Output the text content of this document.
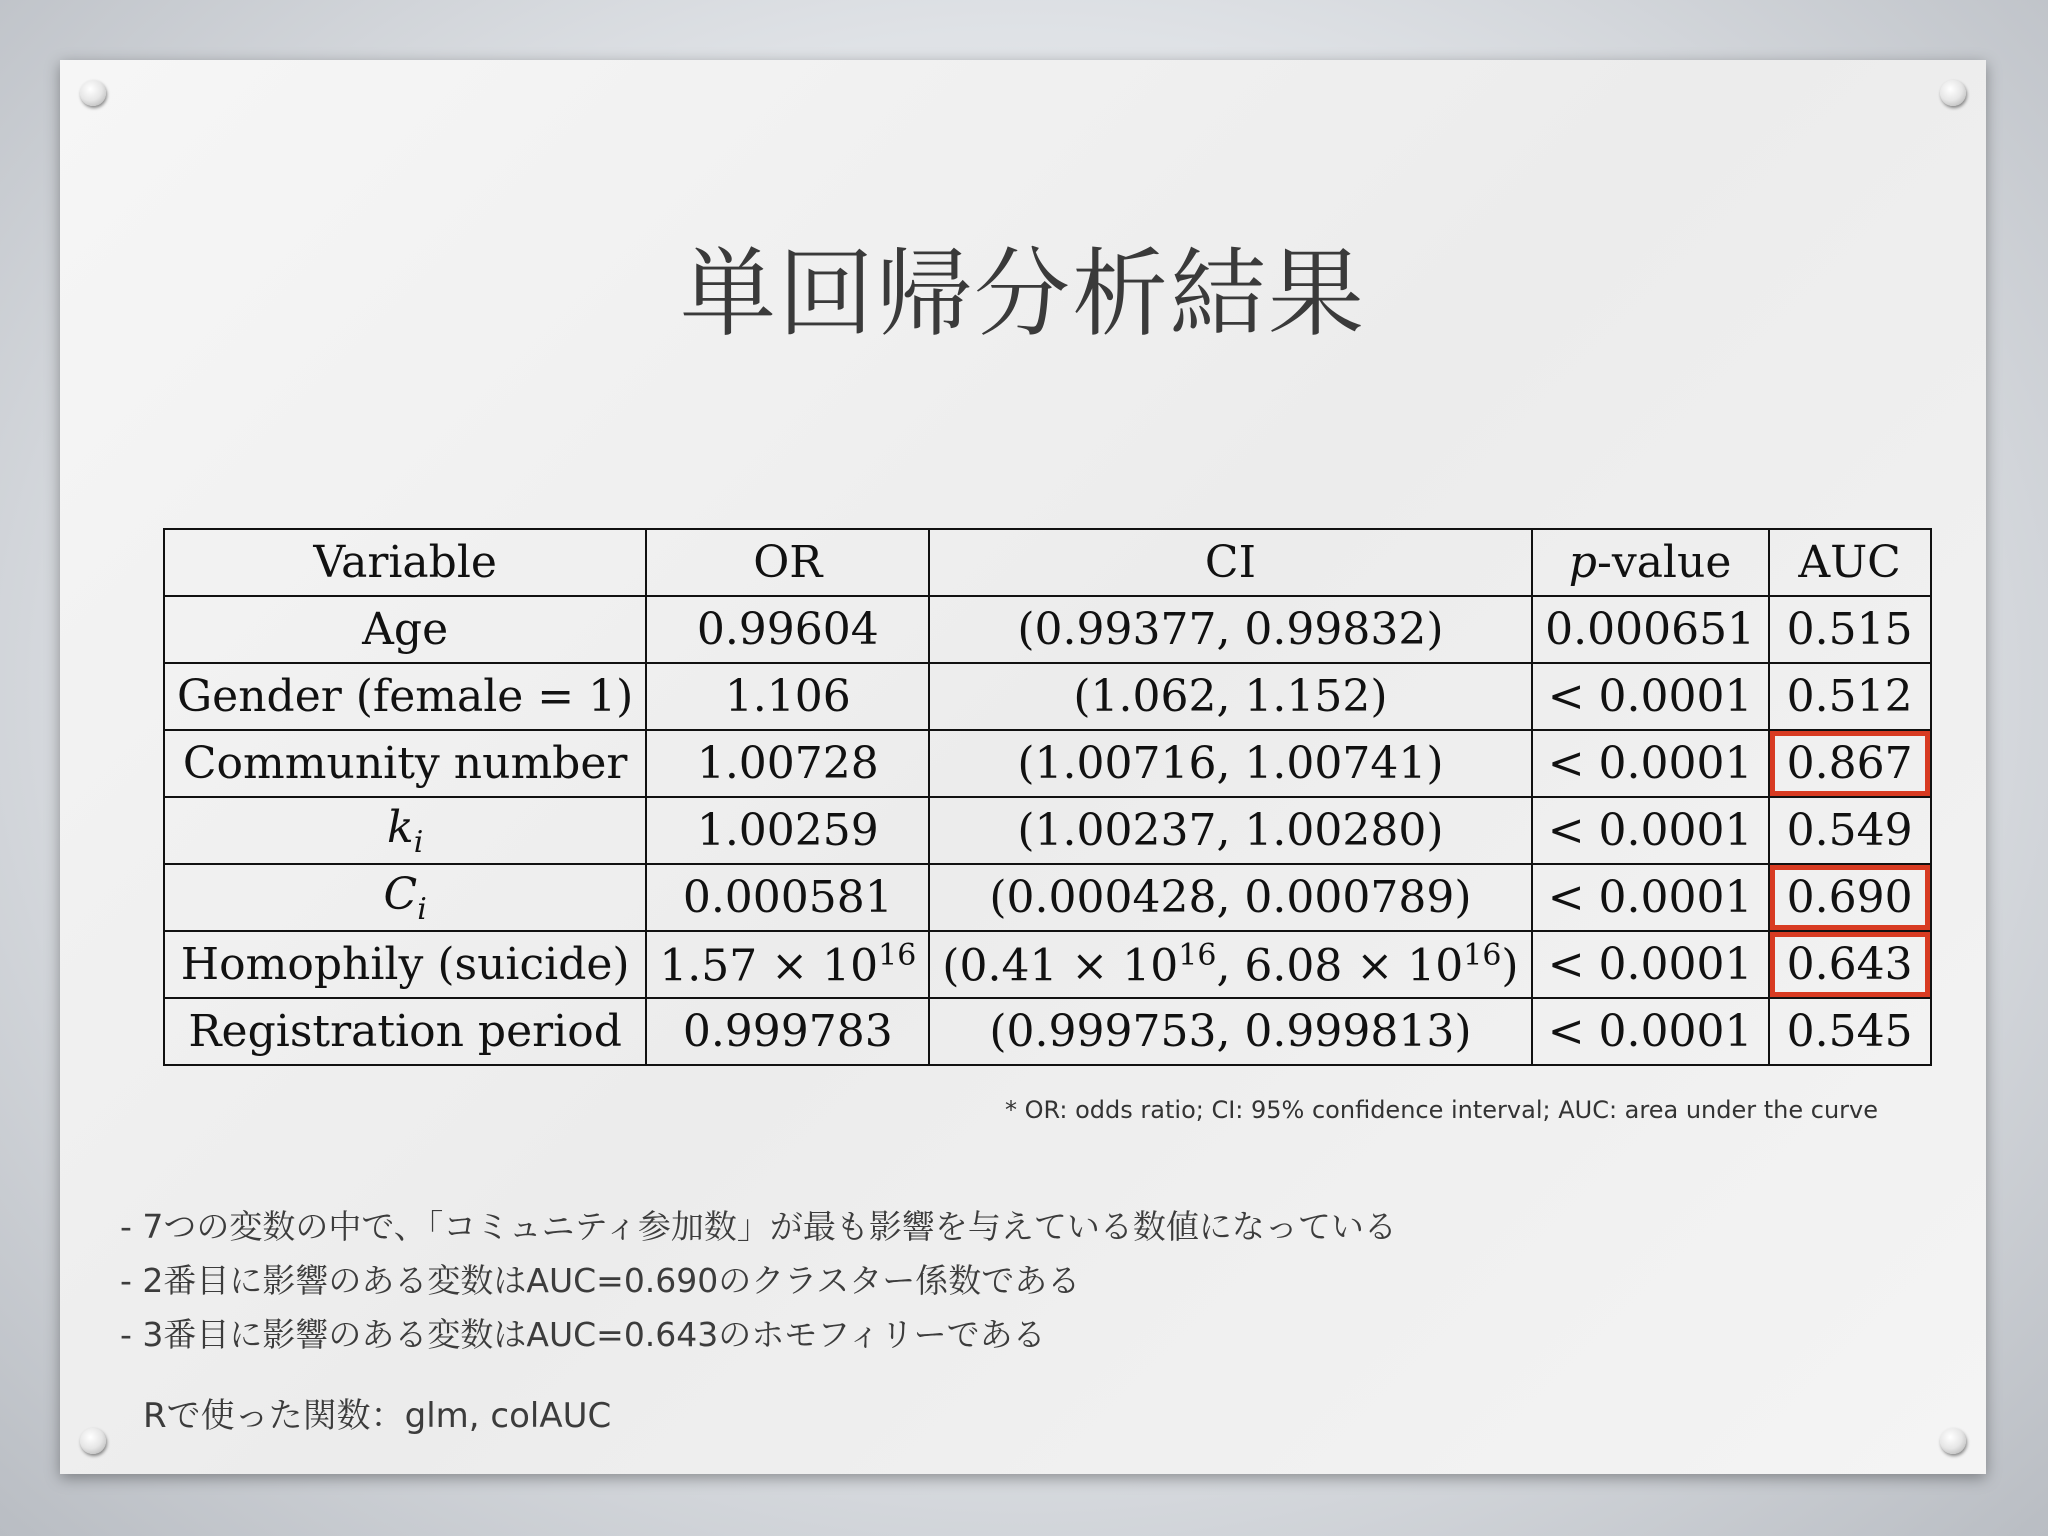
単回帰分析結果
Variable	OR	CI	p-value	AUC
Age	0.99604	(0.99377, 0.99832)	0.000651	0.515
Gender (female = 1)	1.106	(1.062, 1.152)	< 0.0001	0.512
Community number	1.00728	(1.00716, 1.00741)	< 0.0001	0.867
$k_i$	1.00259	(1.00237, 1.00280)	< 0.0001	0.549
$C_i$	0.000581	(0.000428, 0.000789)	< 0.0001	0.690
Homophily (suicide)	$1.57 \times 10^{16}$	($0.41 \times 10^{16}$, $6.08 \times 10^{16}$)	< 0.0001	0.643
Registration period	0.999783	(0.999753, 0.999813)	< 0.0001	0.545
* OR: odds ratio; CI: 95% confidence interval; AUC: area under the curve
- 7つの変数の中で、「コミュニティ参加数」が最も影響を与えている数値になっている
- 2番目に影響のある変数はAUC=0.690のクラスター係数である
- 3番目に影響のある変数はAUC=0.643のホモフィリーである
Rで使った関数：glm, colAUC
